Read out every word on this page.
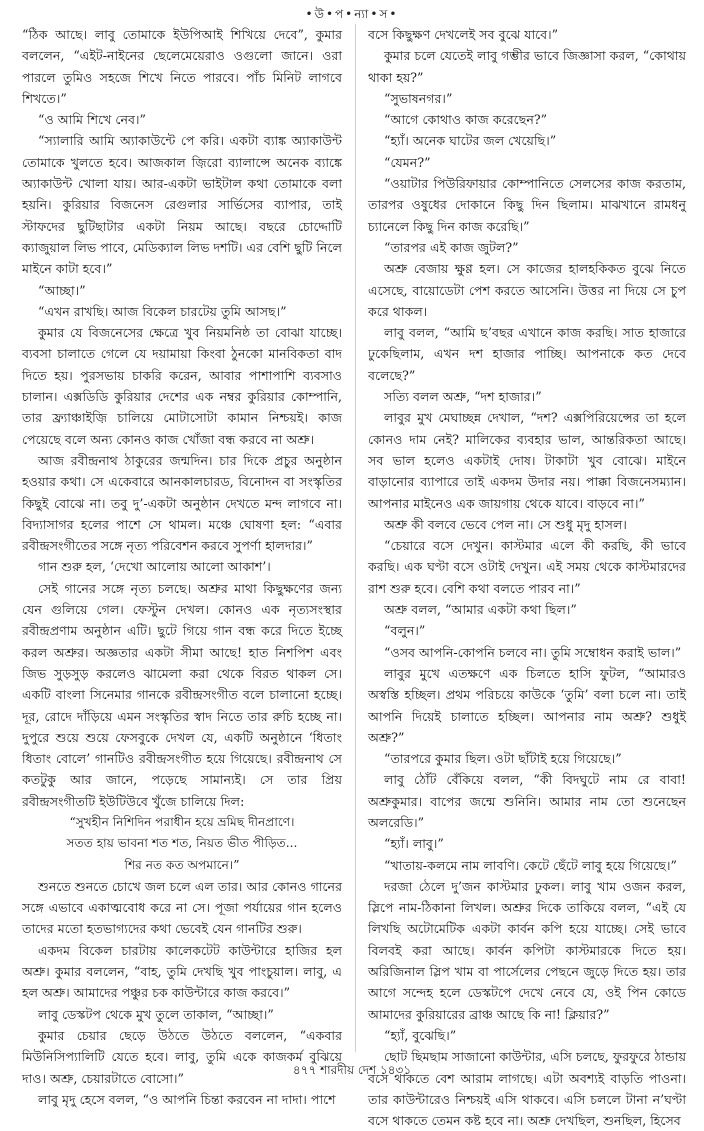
•উ•প•ন্যা•স•

“ঠিক আছে। লাবু তোমাকে ইউপিআই শিখিয়ে দেবে”, কুমার বললেন, “এইট-নাইনের ছেলেমেয়েরাও ওগুলো জানে। ওরা পারলে তুমিও সহজে শিখে নিতে পারবে। পাঁচ মিনিট লাগবে শিখতে।”

“ও আমি শিখে নেব।”

“স্যালারি আমি অ্যাকাউন্টে পে করি। একটা ব্যাঙ্ক অ্যাকাউন্ট তোমাকে খুলতে হবে। আজকাল জ়িরো ব্যালান্সে অনেক ব্যাঙ্কে অ্যাকাউন্ট খোলা যায়। আর-একটা ভাইটাল কথা তোমাকে বলা হয়নি। কুরিয়ার বিজনেস রেগুলার সার্ভিসের ব্যাপার, তাই স্টাফদের ছুটিছাটার একটা নিয়ম আছে। বছরে চোদ্দোটি ক্যাজুয়াল লিভ পাবে, মেডিক্যাল লিভ দশটি। এর বেশি ছুটি নিলে মাইনে কাটা হবে।”

“আচ্ছা।”

“এখন রাখছি। আজ বিকেল চারটেয় তুমি আসছ।”

কুমার যে বিজনেসের ক্ষেত্রে খুব নিয়মনিষ্ঠ তা বোঝা যাচ্ছে। ব্যবসা চালাতে গেলে যে দয়ামায়া কিংবা ঠুনকো মানবিকতা বাদ দিতে হয়। পুরসভায় চাকরি করেন, আবার পাশাপাশি ব্যবসাও চালান। এক্সডিডি কুরিয়ার দেশের এক নম্বর কুরিয়ার কোম্পানি, তার ফ্র্যাঞ্চাইজ়ি চালিয়ে মোটাসোটা কামান নিশ্চয়ই। কাজ পেয়েছে বলে অন্য কোনও কাজ খোঁজা বন্ধ করবে না অশ্রু।

আজ রবীন্দ্রনাথ ঠাকুরের জন্মদিন। চার দিকে প্রচুর অনুষ্ঠান হওয়ার কথা। সে একেবারে আনকালচারড, বিনোদন বা সংস্কৃতির কিছুই বোঝে না। তবু দু’-একটা অনুষ্ঠান দেখতে মন্দ লাগবে না। বিদ্যাসাগর হলের পাশে সে থামল। মঞ্চে ঘোষণা হল: “এবার রবীন্দ্রসংগীতের সঙ্গে নৃত্য পরিবেশন করবে সুপর্ণা হালদার।”

গান শুরু হল, ‘দেখো আলোয় আলো আকাশ’।

সেই গানের সঙ্গে নৃত্য চলছে। অশ্রুর মাথা কিছুক্ষণের জন্য যেন গুলিয়ে গেল। ফেস্টুন দেখল। কোনও এক নৃত্যসংস্থার রবীন্দ্রপ্রণাম অনুষ্ঠান এটি। ছুটে গিয়ে গান বন্ধ করে দিতে ইচ্ছে করল অশ্রুর। অজ্ঞতার একটা সীমা আছে! হাত নিশপিশ এবং জিভ সুড়সুড় করলেও ঝামেলা করা থেকে বিরত থাকল সে। একটি বাংলা সিনেমার গানকে রবীন্দ্রসংগীত বলে চালানো হচ্ছে। দূর, রোদে দাঁড়িয়ে এমন সংস্কৃতির স্বাদ নিতে তার রুচি হচ্ছে না। দুপুরে শুয়ে শুয়ে ফেসবুকে দেখল যে, একটি অনুষ্ঠানে ‘ধিতাং ধিতাং বোলে’ গানটিও রবীন্দ্রসংগীত হয়ে গিয়েছে। রবীন্দ্রনাথ সে কতটুকু আর জানে, পড়েছে সামান্যই। সে তার প্রিয় রবীন্দ্রসংগীতটি ইউটিউবে খুঁজে চালিয়ে দিল:

“সুখহীন নিশিদিন পরাধীন হয়ে ভ্রমিছ দীনপ্রাণে।

সতত হায় ভাবনা শত শত, নিয়ত ভীত পীড়িত...

শির নত কত অপমানে।”

শুনতে শুনতে চোখে জল চলে এল তার। আর কোনও গানের সঙ্গে এভাবে একাত্মবোধ করে না সে। পূজা পর্যায়ের গান হলেও তাদের মতো হতভাগ্যদের কথা ভেবেই যেন গানটির শুরু।

একদম বিকেল চারটায় কালেকটেট কাউন্টারে হাজির হল অশ্রু। কুমার বললেন, “বাহ, তুমি দেখছি খুব পাংচুয়াল। লাবু, এ হল অশ্রু। আমাদের পঞ্চুর চক কাউন্টারে কাজ করবে।”

লাবু ডেস্কটপ থেকে মুখ তুলে তাকাল, “আচ্ছা।”

কুমার চেয়ার ছেড়ে উঠতে উঠতে বললেন, “একবার মিউনিসিপ্যালিটি যেতে হবে। লাবু, তুমি একে কাজকর্ম বুঝিয়ে দাও। অশ্রু, চেয়ারটাতে বোসো।”

লাবু মৃদু হেসে বলল, “ও আপনি চিন্তা করবেন না দাদা। পাশে

বসে কিছুক্ষণ দেখলেই সব বুঝে যাবে।”

কুমার চলে যেতেই লাবু গম্ভীর ভাবে জিজ্ঞাসা করল, “কোথায় থাকা হয়?”

“সুভাষনগর।”

“আগে কোথাও কাজ করেছেন?”

“হ্যাঁ। অনেক ঘাটের জল খেয়েছি।”

“যেমন?”

“ওয়াটার পিউরিফায়ার কোম্পানিতে সেলসের কাজ করতাম, তারপর ওষুধের দোকানে কিছু দিন ছিলাম। মাঝখানে রামধনু চ্যানেলে কিছু দিন কাজ করেছি।”

“তারপর এই কাজ জুটল?”

অশ্রু বেজায় ক্ষুণ্ণ হল। সে কাজের হালহকিকত বুঝে নিতে এসেছে, বায়োডেটা পেশ করতে আসেনি। উত্তর না দিয়ে সে চুপ করে থাকল।

লাবু বলল, “আমি ছ’বছর এখানে কাজ করছি। সাত হাজারে ঢুকেছিলাম, এখন দশ হাজার পাচ্ছি। আপনাকে কত দেবে বলেছে?”

সত্যি বলল অশ্রু, “দশ হাজার।”

লাবুর মুখ মেঘাচ্ছন্ন দেখাল, “দশ? এক্সপিরিয়েন্সের তা হলে কোনও দাম নেই? মালিকের ব্যবহার ভাল, আন্তরিকতা আছে। সব ভাল হলেও একটাই দোষ। টাকাটা খুব বোঝে। মাইনে বাড়ানোর ব্যাপারে তাই একদম উদার নয়। পাক্কা বিজনেসম্যান। আপনার মাইনেও এক জায়গায় থেকে যাবে। বাড়বে না।”

অশ্রু কী বলবে ভেবে পেল না। সে শুধু মৃদু হাসল।

“চেয়ারে বসে দেখুন। কাস্টমার এলে কী করছি, কী ভাবে করছি। এক ঘণ্টা বসে ওটাই দেখুন। এই সময় থেকে কাস্টমারদের রাশ শুরু হবে। বেশি কথা বলতে পারব না।”

অশ্রু বলল, “আমার একটা কথা ছিল।”

“বলুন।”

“ওসব আপনি-কোপনি চলবে না। তুমি সম্বোধন করাই ভাল।”

লাবুর মুখে এতক্ষণে এক চিলতে হাসি ফুটল, “আমারও অস্বস্তি হচ্ছিল। প্রথম পরিচয়ে কাউকে ‘তুমি’ বলা চলে না। তাই আপনি দিয়েই চালাতে হচ্ছিল। আপনার নাম অশ্রু? শুধুই অশ্রু?”

“তারপরে কুমার ছিল। ওটা ছাঁটাই হয়ে গিয়েছে।”

লাবু ঠোঁট বেঁকিয়ে বলল, “কী বিদঘুটে নাম রে বাবা! অশ্রুকুমার। বাপের জন্মে শুনিনি। আমার নাম তো শুনেছেন অলরেডি।”

“হ্যাঁ। লাবু।”

“খাতায়-কলমে নাম লাবণি। কেটে ছেঁটে লাবু হয়ে গিয়েছে।”

দরজা ঠেলে দু’জন কাস্টমার ঢুকল। লাবু খাম ওজন করল, স্লিপে নাম-ঠিকানা লিখল। অশ্রুর দিকে তাকিয়ে বলল, “এই যে লিখছি অটোমেটিক একটা কার্বন কপি হয়ে যাচ্ছে। সেই ভাবে বিলবই করা আছে। কার্বন কপিটা কাস্টমারকে দিতে হয়। অরিজিনাল স্লিপ খাম বা পার্সেলের পেছনে জুড়ে দিতে হয়। তার আগে সন্দেহ হলে ডেস্কটপে দেখে নেবে যে, ওই পিন কোডে আমাদের কুরিয়ারের ব্রাঞ্চ আছে কি না! ক্লিয়ার?”

“হ্যাঁ, বুঝেছি।”

ছোট ছিমছাম সাজানো কাউন্টার, এসি চলছে, ফুরফুরে ঠান্ডায় বসে থাকতে বেশ আরাম লাগছে। এটা অবশ্যই বাড়তি পাওনা। তার কাউন্টারেও নিশ্চয়ই এসি থাকবে। এসি চললে টানা ন’ঘণ্টা বসে থাকতে তেমন কষ্ট হবে না। অশ্রু দেখছিল, শুনছিল, হিসেব

৪৭৭ শারদীয় দেশ ১৪৩১
